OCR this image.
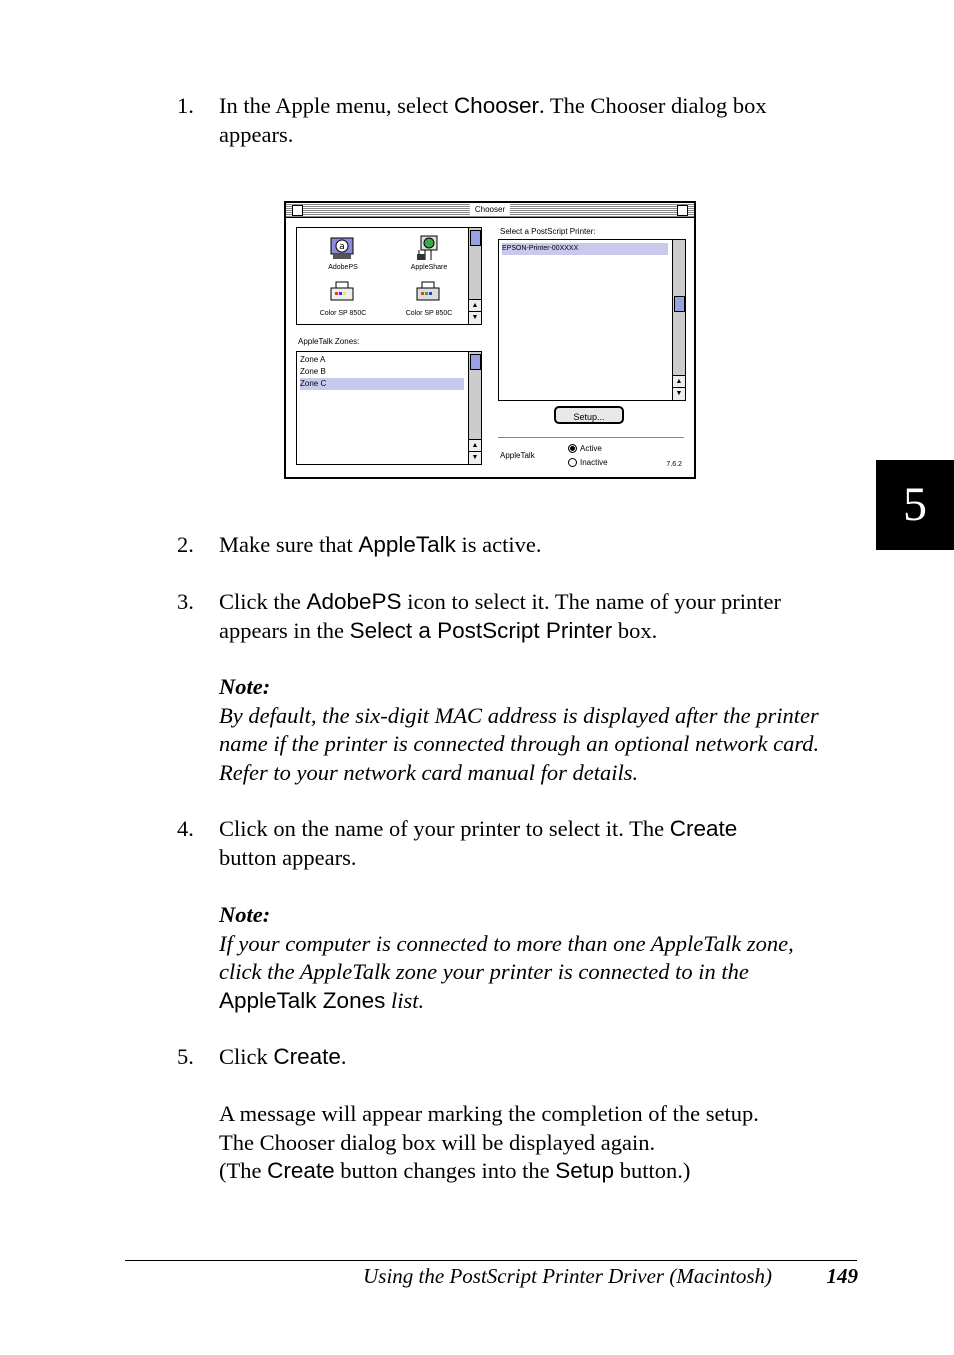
1. In the Apple menu, select Chooser. The Chooser dialog box
appears.
Chooser
a
AdobePS	AppleShare
Color SP 850C	Color SP 850C
▲
▼
AppleTalk Zones:
Zone A
Zone B
Zone C
▲
▼
Select a PostScript Printer:
EPSON-Printer-00XXXX
▲
▼
Setup...
AppleTalk
Active
Inactive	7.6.2
2. Make sure that AppleTalk is active.
3. Click the AdobePS icon to select it. The name of your printer
appears in the Select a PostScript Printer box.
Note:
By default, the six-digit MAC address is displayed after the printer
name if the printer is connected through an optional network card.
Refer to your network card manual for details.
4. Click on the name of your printer to select it. The Create
button appears.
Note:
If your computer is connected to more than one AppleTalk zone,
click the AppleTalk zone your printer is connected to in the
AppleTalk Zones list.
5. Click Create.
A message will appear marking the completion of the setup.
The Chooser dialog box will be displayed again.
(The Create button changes into the Setup button.)
5
Using the PostScript Printer Driver (Macintosh)	149
